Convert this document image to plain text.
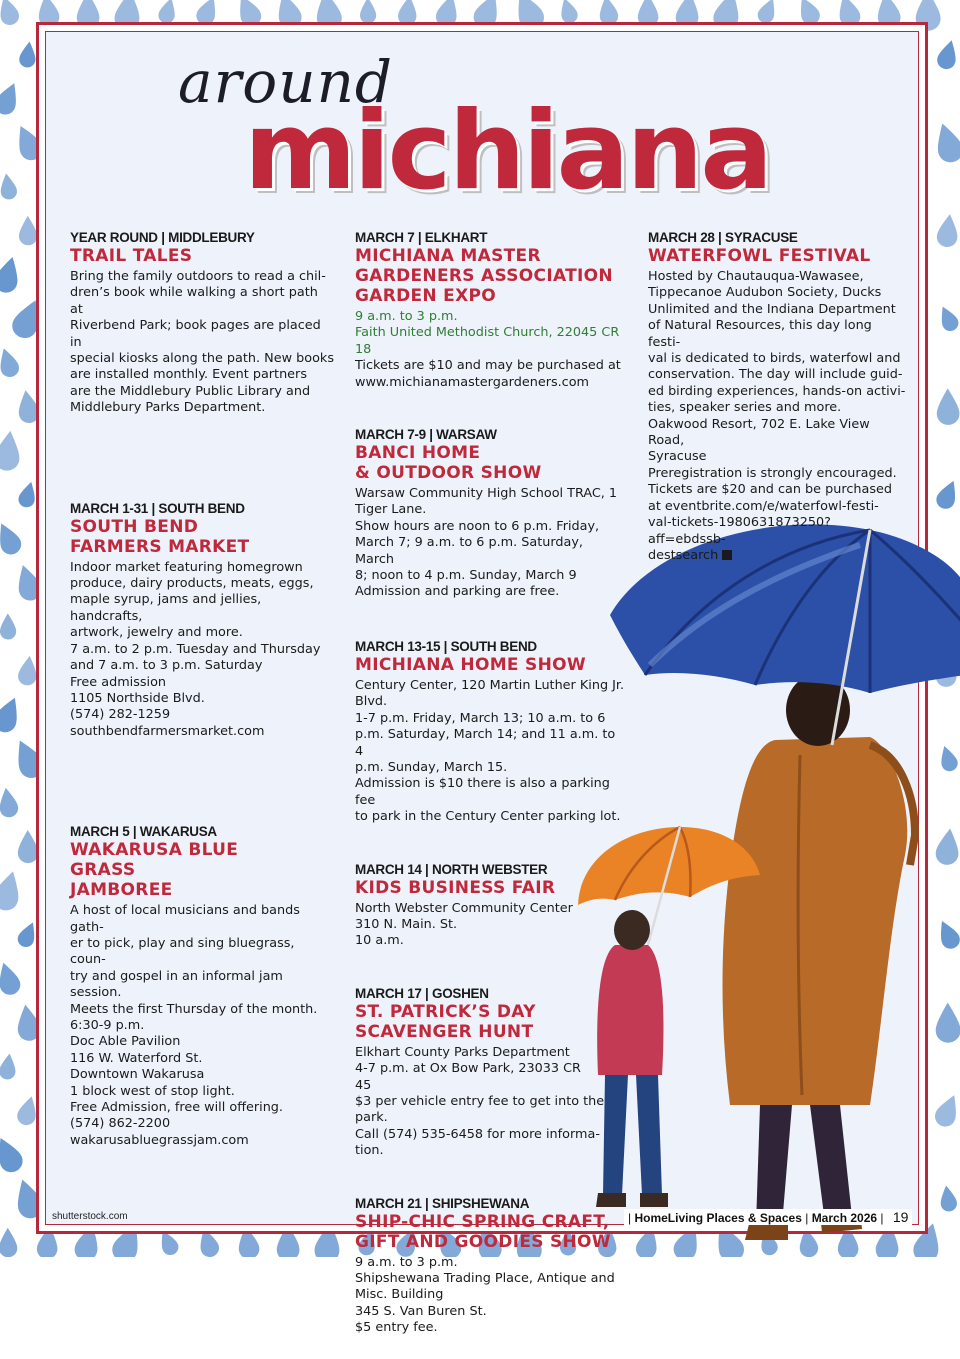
around
michiana
YEAR ROUND | MIDDLEBURY
TRAIL TALES
Bring the family outdoors to read a chil-
dren’s book while walking a short path at
Riverbend Park; book pages are placed in
special kiosks along the path. New books
are installed monthly. Event partners
are the Middlebury Public Library and
Middlebury Parks Department.
MARCH 1-31 | SOUTH BEND
SOUTH BEND
FARMERS MARKET
Indoor market featuring homegrown
produce, dairy products, meats, eggs,
maple syrup, jams and jellies, handcrafts,
artwork, jewelry and more.
7 a.m. to 2 p.m. Tuesday and Thursday
and 7 a.m. to 3 p.m. Saturday
Free admission
1105 Northside Blvd.
(574) 282-1259
southbendfarmersmarket.com
MARCH 5 | WAKARUSA
WAKARUSA BLUE
GRASS
JAMBOREE
A host of local musicians and bands gath-
er to pick, play and sing bluegrass, coun-
try and gospel in an informal jam session.
Meets the first Thursday of the month.
6:30-9 p.m.
Doc Able Pavilion
116 W. Waterford St.
Downtown Wakarusa
1 block west of stop light.
Free Admission, free will offering.
(574) 862-2200
wakarusabluegrassjam.com
MARCH 7 | ELKHART
MICHIANA MASTER
GARDENERS ASSOCIATION
GARDEN EXPO
9 a.m. to 3 p.m.
Faith United Methodist Church, 22045 CR 18
Tickets are $10 and may be purchased at
www.michianamastergardeners.com
MARCH 7-9 | WARSAW
BANCI HOME
& OUTDOOR SHOW
Warsaw Community High School TRAC, 1
Tiger Lane.
Show hours are noon to 6 p.m. Friday,
March 7; 9 a.m. to 6 p.m. Saturday, March
8; noon to 4 p.m. Sunday, March 9
Admission and parking are free.
MARCH 13-15 | SOUTH BEND
MICHIANA HOME SHOW
Century Center, 120 Martin Luther King Jr.
Blvd.
1-7 p.m. Friday, March 13; 10 a.m. to 6
p.m. Saturday, March 14; and 11 a.m. to 4
p.m. Sunday, March 15.
Admission is $10 there is also a parking fee
to park in the Century Center parking lot.
MARCH 14 | NORTH WEBSTER
KIDS BUSINESS FAIR
North Webster Community Center
310 N. Main. St.
10 a.m.
MARCH 17 | GOSHEN
ST. PATRICK’S DAY
SCAVENGER HUNT
Elkhart County Parks Department
4-7 p.m. at Ox Bow Park, 23033 CR
45
$3 per vehicle entry fee to get into the
park.
Call (574) 535-6458 for more informa-
tion.
MARCH 21 | SHIPSHEWANA
SHIP-CHIC SPRING CRAFT,
GIFT AND GOODIES SHOW
9 a.m. to 3 p.m.
Shipshewana Trading Place, Antique and
Misc. Building
345 S. Van Buren St.
$5 entry fee.
MARCH 28 | SYRACUSE
WATERFOWL FESTIVAL
Hosted by Chautauqua-Wawasee,
Tippecanoe Audubon Society, Ducks
Unlimited and the Indiana Department
of Natural Resources, this day long festi-
val is dedicated to birds, waterfowl and
conservation. The day will include guid-
ed birding experiences, hands-on activi-
ties, speaker series and more.
Oakwood Resort, 702 E. Lake View Road,
Syracuse
Preregistration is strongly encouraged.
Tickets are $20 and can be purchased
at eventbrite.com/e/waterfowl-festi-
val-tickets-1980631873250?aff=ebdssb-
destsearch
shutterstock.com	| HomeLiving Places & Spaces | March 2026 | 19
